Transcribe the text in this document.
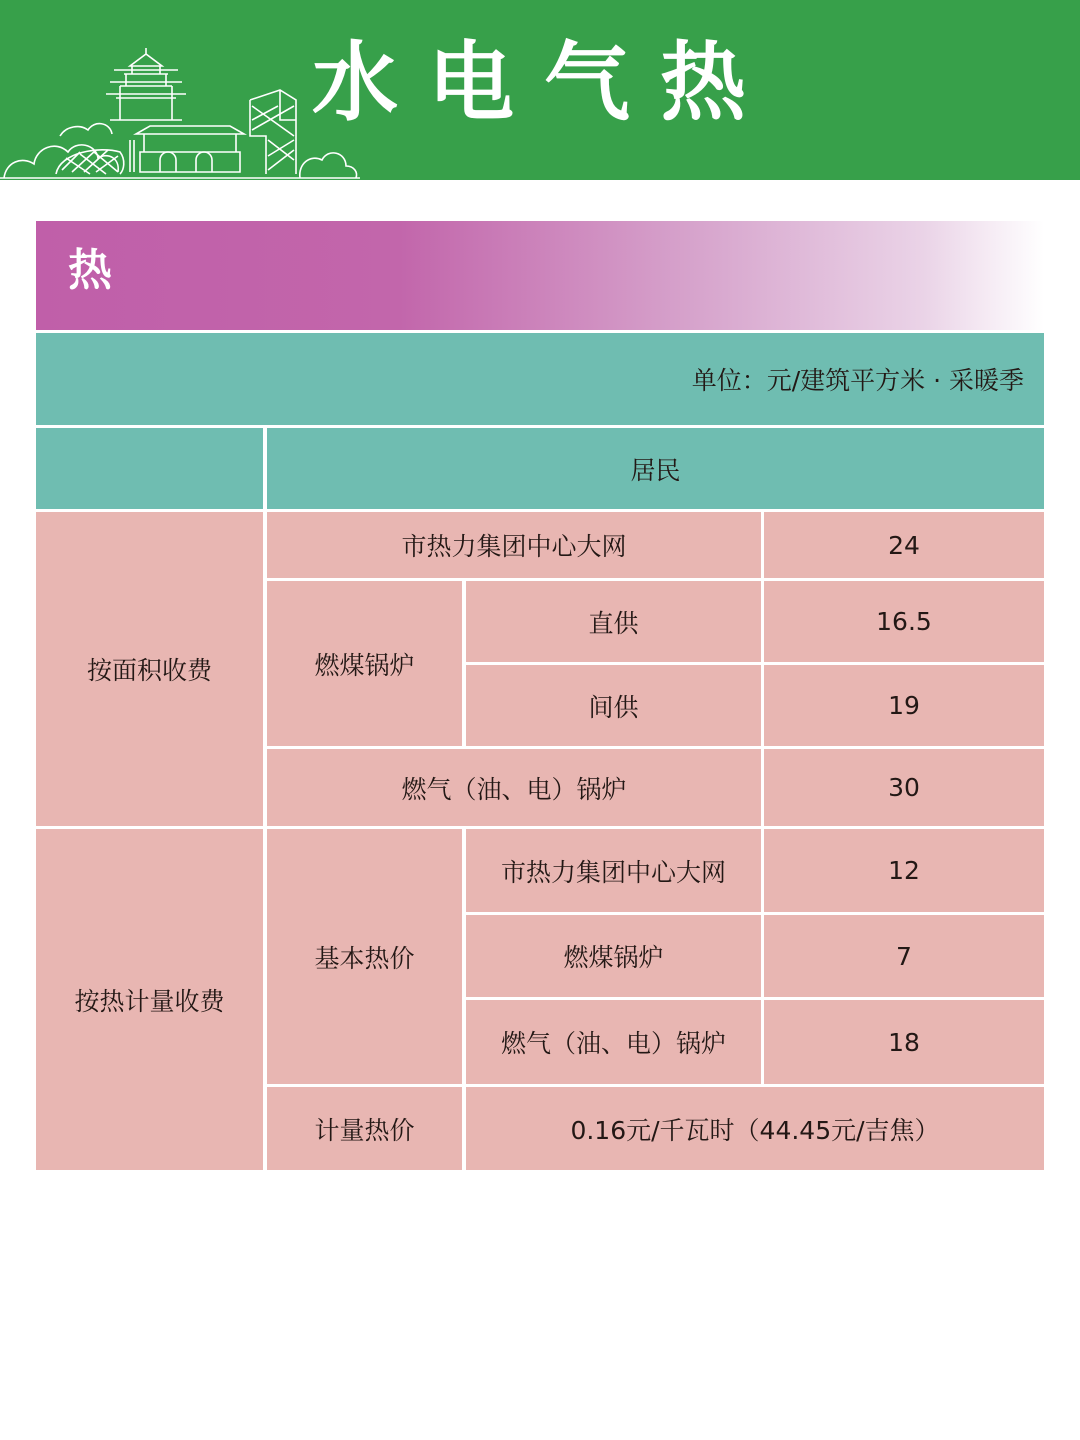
水电气热
热
单位：元/建筑平方米 · 采暖季
居民
按面积收费
市热力集团中心大网	24
燃煤锅炉
直供	16.5
间供	19
燃气（油、电）锅炉	30
按热计量收费
基本热价
市热力集团中心大网	12
燃煤锅炉	7
燃气（油、电）锅炉	18
计量热价	0.16元/千瓦时（44.45元/吉焦）
